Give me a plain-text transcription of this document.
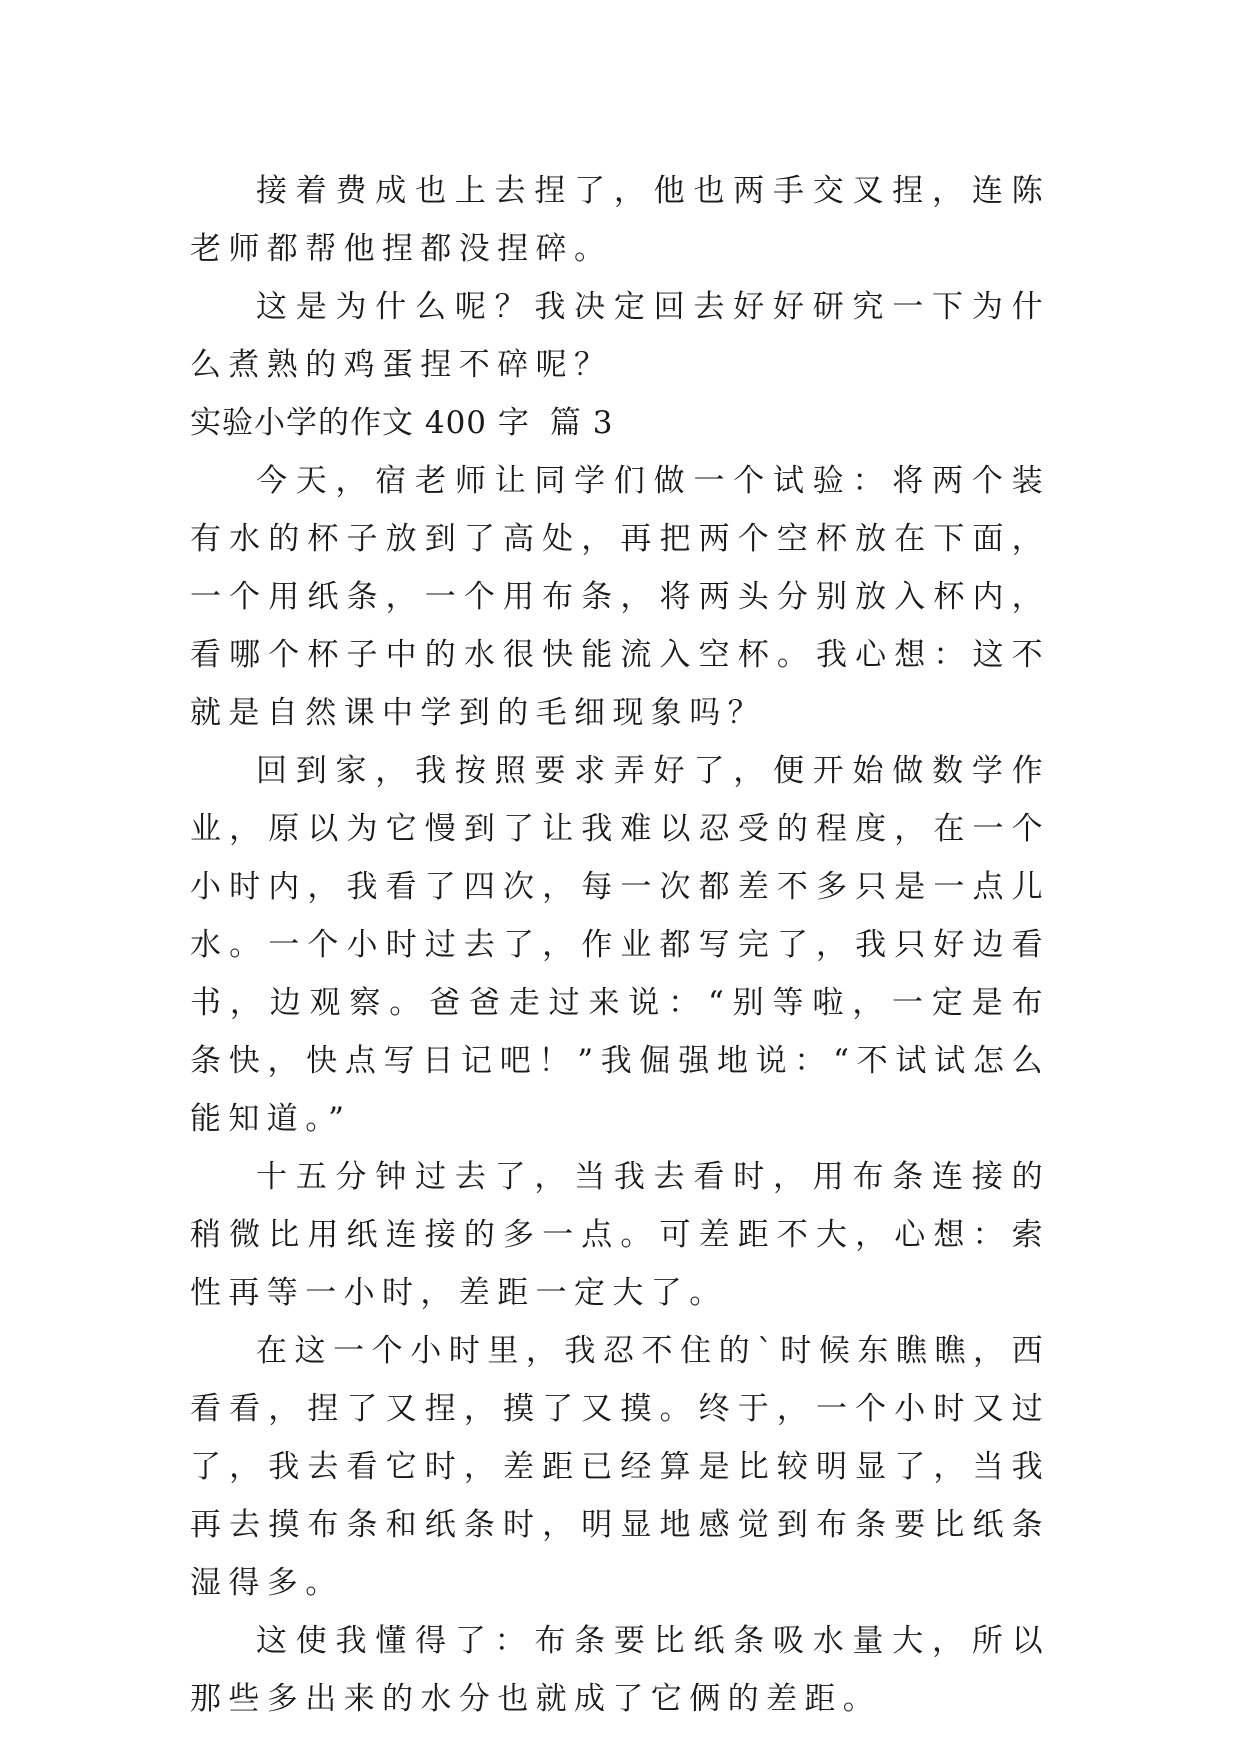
接着费成也上去捏了，他也两手交叉捏，连陈老师都帮他捏都没捏碎。

这是为什么呢？我决定回去好好研究一下为什么煮熟的鸡蛋捏不碎呢？

实验小学的作文 400 字 篇 3

今天，宿老师让同学们做一个试验：将两个装有水的杯子放到了高处，再把两个空杯放在下面，一个用纸条，一个用布条，将两头分别放入杯内，看哪个杯子中的水很快能流入空杯。我心想：这不就是自然课中学到的毛细现象吗？

回到家，我按照要求弄好了，便开始做数学作业，原以为它慢到了让我难以忍受的程度，在一个小时内，我看了四次，每一次都差不多只是一点儿水。一个小时过去了，作业都写完了，我只好边看书，边观察。爸爸走过来说：“别等啦，一定是布条快，快点写日记吧！”我倔强地说：“不试试怎么能知道。”

十五分钟过去了，当我去看时，用布条连接的稍微比用纸连接的多一点。可差距不大，心想：索性再等一小时，差距一定大了。

在这一个小时里，我忍不住的`时候东瞧瞧，西看看，捏了又捏，摸了又摸。终于，一个小时又过了，我去看它时，差距已经算是比较明显了，当我再去摸布条和纸条时，明显地感觉到布条要比纸条湿得多。

这使我懂得了：布条要比纸条吸水量大，所以那些多出来的水分也就成了它俩的差距。
